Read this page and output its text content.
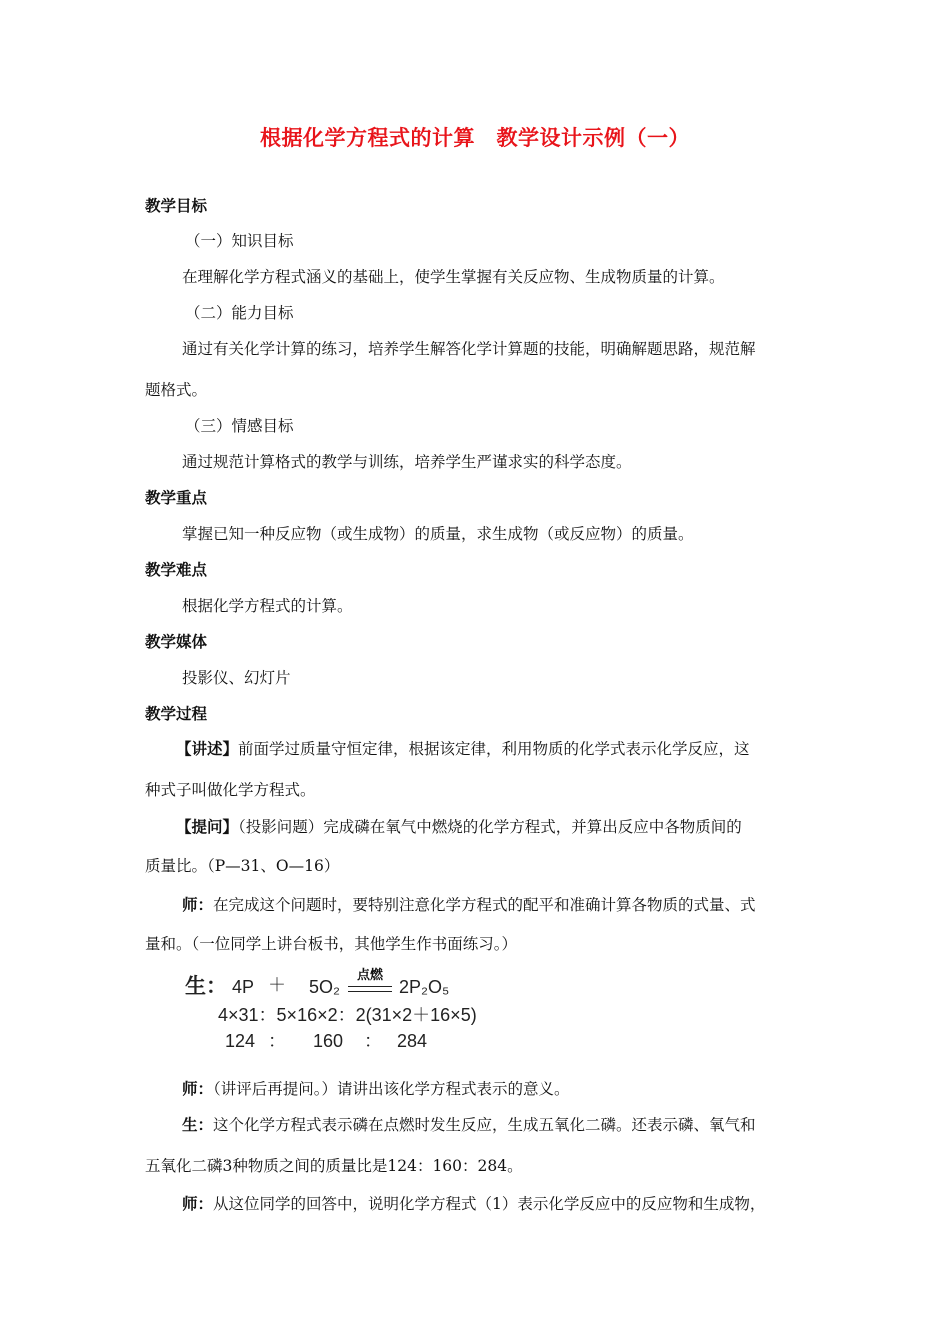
根据化学方程式的计算　教学设计示例（一）
教学目标
（一）知识目标
在理解化学方程式涵义的基础上，使学生掌握有关反应物、生成物质量的计算。
（二）能力目标
通过有关化学计算的练习，培养学生解答化学计算题的技能，明确解题思路，规范解
题格式。
（三）情感目标
通过规范计算格式的教学与训练，培养学生严谨求实的科学态度。
教学重点
掌握已知一种反应物（或生成物）的质量，求生成物（或反应物）的质量。
教学难点
根据化学方程式的计算。
教学媒体
投影仪、幻灯片
教学过程
【讲述】前面学过质量守恒定律，根据该定律，利用物质的化学式表示化学反应，这
种式子叫做化学方程式。
【提问】（投影问题）完成磷在氧气中燃烧的化学方程式，并算出反应中各物质间的
质量比。（P—31、O—16）
师：在完成这个问题时，要特别注意化学方程式的配平和准确计算各物质的式量、式
量和。（一位同学上讲台板书，其他学生作书面练习。）
生： 4P ＋ 5O₂
点燃
2P₂O₅
4×31：5×16×2：2(31×2＋16×5)
124 ： 160 ： 284
师：（讲评后再提问。）请讲出该化学方程式表示的意义。
生：这个化学方程式表示磷在点燃时发生反应，生成五氧化二磷。还表示磷、氧气和
五氧化二磷3种物质之间的质量比是124：160：284。
师：从这位同学的回答中，说明化学方程式（1）表示化学反应中的反应物和生成物，
